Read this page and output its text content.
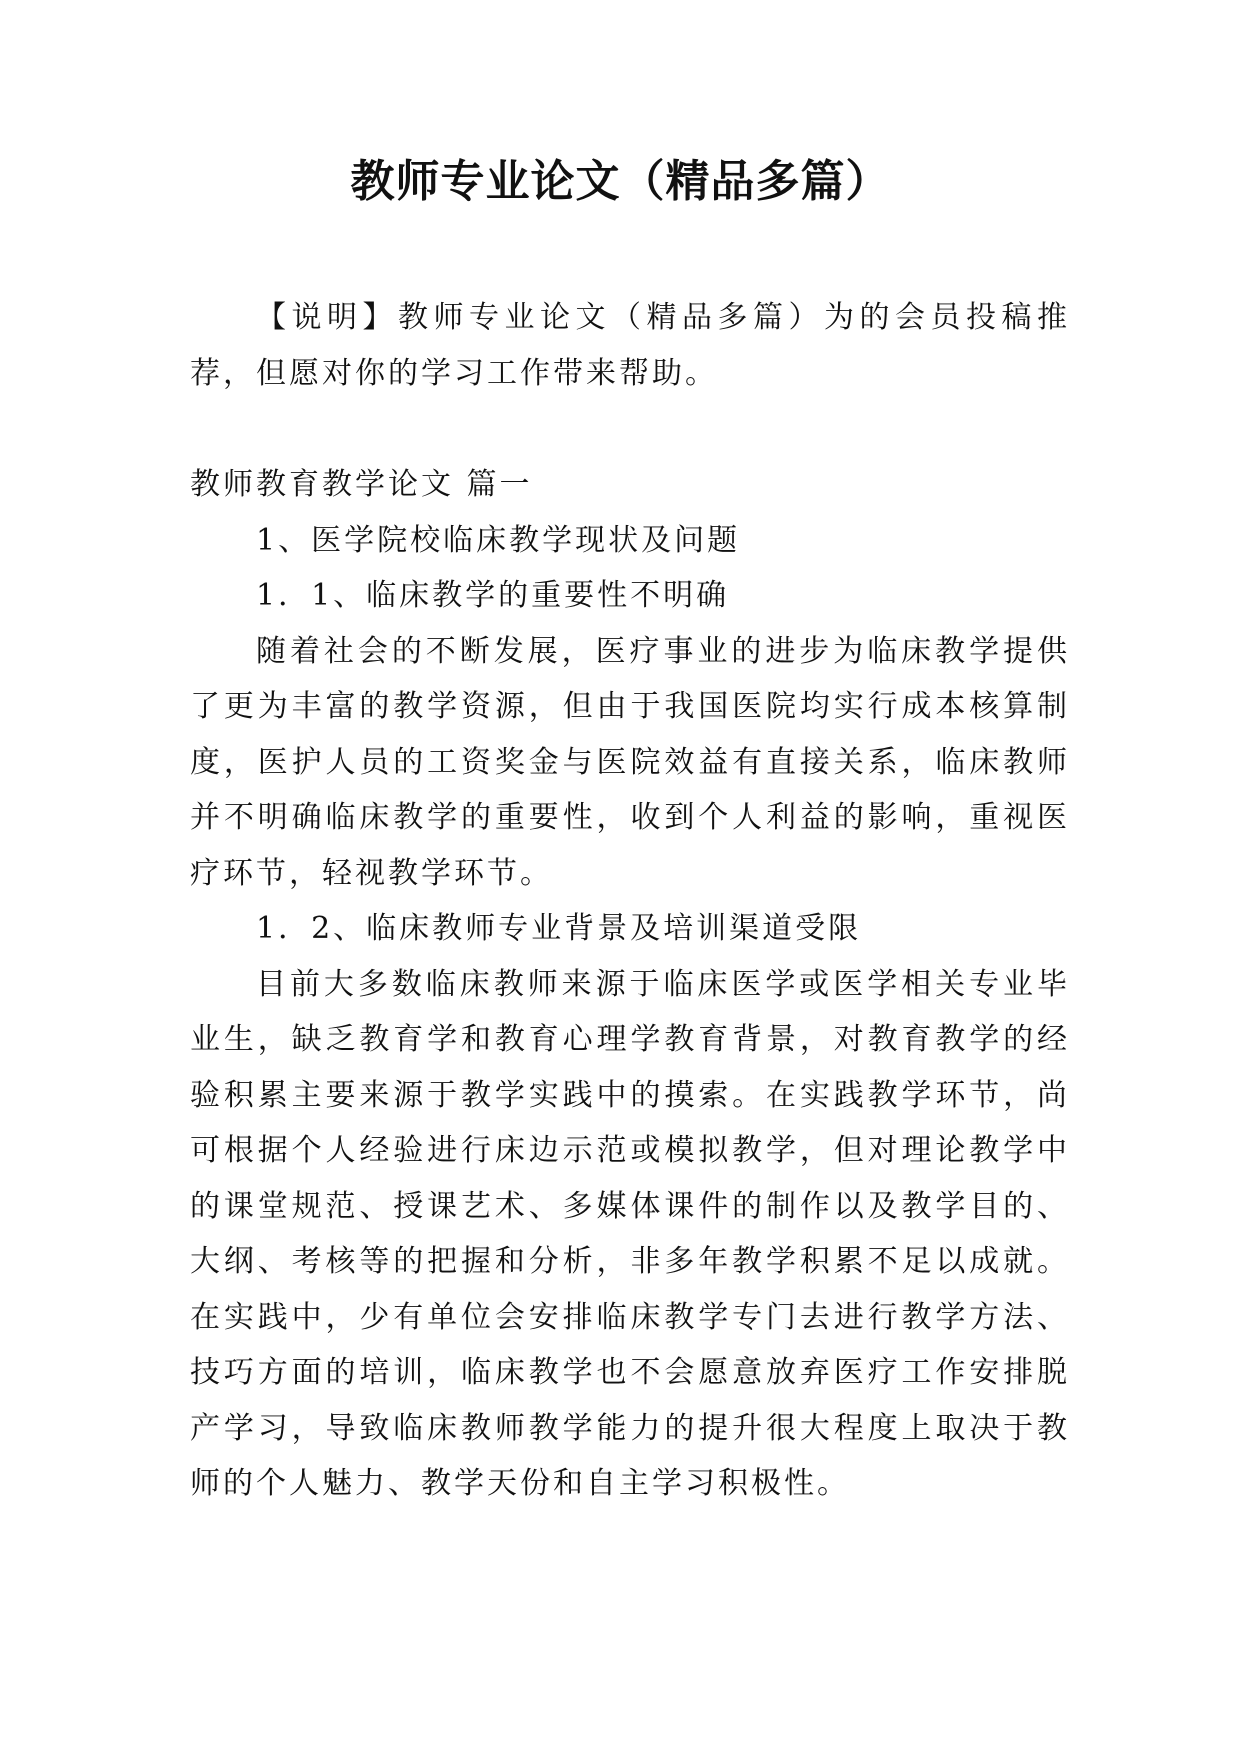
教师专业论文（精品多篇）

【说明】教师专业论文（精品多篇）为的会员投稿推荐，但愿对你的学习工作带来帮助。

教师教育教学论文 篇一

1、医学院校临床教学现状及问题

1．1、临床教学的重要性不明确

随着社会的不断发展，医疗事业的进步为临床教学提供了更为丰富的教学资源，但由于我国医院均实行成本核算制度，医护人员的工资奖金与医院效益有直接关系，临床教师并不明确临床教学的重要性，收到个人利益的影响，重视医疗环节，轻视教学环节。

1．2、临床教师专业背景及培训渠道受限

目前大多数临床教师来源于临床医学或医学相关专业毕业生，缺乏教育学和教育心理学教育背景，对教育教学的经验积累主要来源于教学实践中的摸索。在实践教学环节，尚可根据个人经验进行床边示范或模拟教学，但对理论教学中的课堂规范、授课艺术、多媒体课件的制作以及教学目的、大纲、考核等的把握和分析，非多年教学积累不足以成就。在实践中，少有单位会安排临床教学专门去进行教学方法、技巧方面的培训，临床教学也不会愿意放弃医疗工作安排脱产学习，导致临床教师教学能力的提升很大程度上取决于教师的个人魅力、教学天份和自主学习积极性。
